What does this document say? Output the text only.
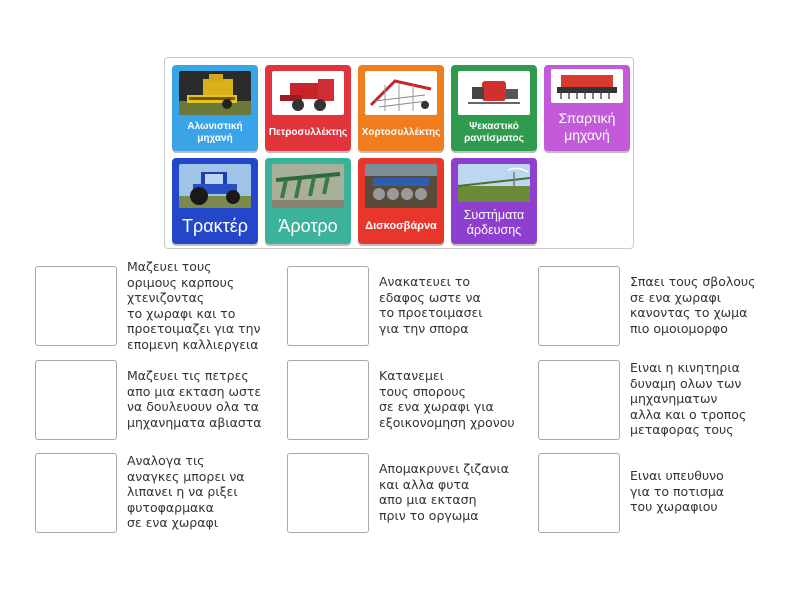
Αλωνιστική μηχανή
Πετροσυλλέκτης Χορτοσυλλέκτης
Ψεκαστικό ραντίσματος
Σπαρτική μηχανή
Τρακτέρ	Άροτρο	Δισκοσβάρνα
Συστήματα άρδευσης
Μαζευει τους
οριμους καρπους
χτενιζοντας
το χωραφι και το
προετοιμαζει για την
επομενη καλλιεργεια
Ανακατευει το
εδαφος ωστε να
το προετοιμασει
για την σπορα
Σπαει τους σβολους
σε ενα χωραφι
κανοντας το χωμα
πιο ομοιομορφο
Μαζευει τις πετρες
απο μια εκταση ωστε
να δουλευουν ολα τα
μηχανηματα αβιαστα
Κατανεμει
τους σπορους
σε ενα χωραφι για
εξοικονομηση χρονου
Ειναι η κινητηρια
δυναμη ολων των
μηχανηματων
αλλα και ο τροπος
μεταφορας τους
Αναλογα τις
αναγκες μπορει να
λιπανει η να ριξει
φυτοφαρμακα
σε ενα χωραφι
Απομακρυνει ζιζανια
και αλλα φυτα
απο μια εκταση
πριν το οργωμα
Ειναι υπευθυνο
για το ποτισμα
του χωραφιου
